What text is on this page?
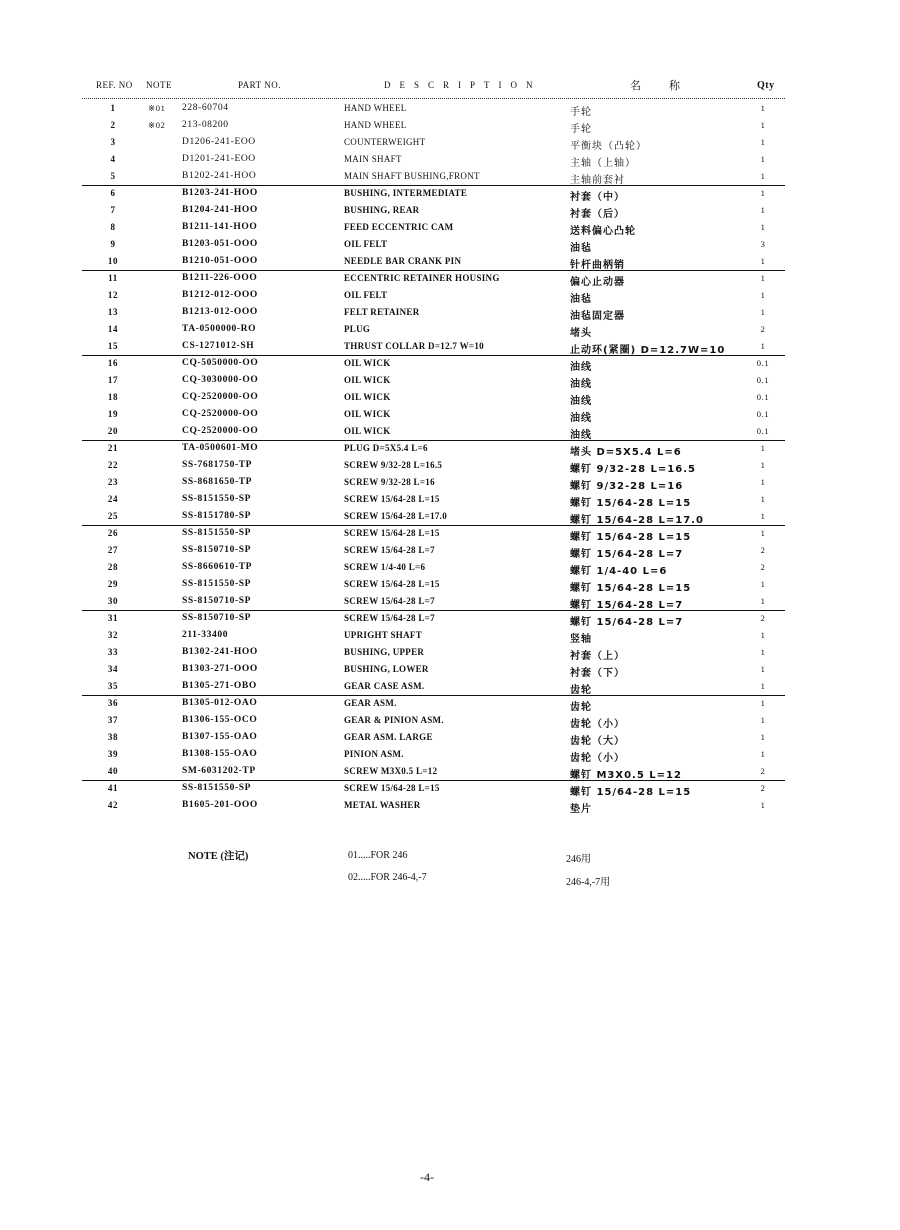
REF. NO NOTE	PART NO.	DESCRIPTION	名称	Qty
1	※01 228-60704	HAND WHEEL	手轮	1
2	※02 213-08200	HAND WHEEL	手轮	1
3	D1206-241-EOO	COUNTERWEIGHT	平衡块（凸轮）	1
4	D1201-241-EOO	MAIN SHAFT	主轴（上轴）	1
5	B1202-241-HOO	MAIN SHAFT BUSHING,FRONT	主轴前套衬	1
6	B1203-241-HOO	BUSHING, INTERMEDIATE	衬套（中）	1
7	B1204-241-HOO	BUSHING, REAR	衬套（后）	1
8	B1211-141-HOO	FEED ECCENTRIC CAM	送料偏心凸轮	1
9	B1203-051-OOO	OIL FELT	油毡	3
10	B1210-051-OOO	NEEDLE BAR CRANK PIN	针杆曲柄销	1
11	B1211-226-OOO	ECCENTRIC RETAINER HOUSING	偏心止动器	1
12	B1212-012-OOO	OIL FELT	油毡	1
13	B1213-012-OOO	FELT RETAINER	油毡固定器	1
14	TA-0500000-RO	PLUG	堵头	2
15	CS-1271012-SH	THRUST COLLAR D=12.7 W=10	止动环(紧圈) D=12.7W=10	1
16	CQ-5050000-OO	OIL WICK	油线	0.1
17	CQ-3030000-OO	OIL WICK	油线	0.1
18	CQ-2520000-OO	OIL WICK	油线	0.1
19	CQ-2520000-OO	OIL WICK	油线	0.1
20	CQ-2520000-OO	OIL WICK	油线	0.1
21	TA-0500601-MO	PLUG D=5X5.4 L=6	堵头 D=5X5.4 L=6	1
22	SS-7681750-TP	SCREW 9/32-28 L=16.5	螺钉 9/32-28 L=16.5	1
23	SS-8681650-TP	SCREW 9/32-28 L=16	螺钉 9/32-28 L=16	1
24	SS-8151550-SP	SCREW 15/64-28 L=15	螺钉 15/64-28 L=15	1
25	SS-8151780-SP	SCREW 15/64-28 L=17.0	螺钉 15/64-28 L=17.0	1
26	SS-8151550-SP	SCREW 15/64-28 L=15	螺钉 15/64-28 L=15	1
27	SS-8150710-SP	SCREW 15/64-28 L=7	螺钉 15/64-28 L=7	2
28	SS-8660610-TP	SCREW 1/4-40 L=6	螺钉 1/4-40 L=6	2
29	SS-8151550-SP	SCREW 15/64-28 L=15	螺钉 15/64-28 L=15	1
30	SS-8150710-SP	SCREW 15/64-28 L=7	螺钉 15/64-28 L=7	1
31	SS-8150710-SP	SCREW 15/64-28 L=7	螺钉 15/64-28 L=7	2
32	211-33400	UPRIGHT SHAFT	竖轴	1
33	B1302-241-HOO	BUSHING, UPPER	衬套（上）	1
34	B1303-271-OOO	BUSHING, LOWER	衬套（下）	1
35	B1305-271-OBO	GEAR CASE ASM.	齿轮	1
36	B1305-012-OAO	GEAR ASM.	齿轮	1
37	B1306-155-OCO	GEAR & PINION ASM.	齿轮（小）	1
38	B1307-155-OAO	GEAR ASM. LARGE	齿轮（大）	1
39	B1308-155-OAO	PINION ASM.	齿轮（小）	1
40	SM-6031202-TP	SCREW M3X0.5 L=12	螺钉 M3X0.5 L=12	2
41	SS-8151550-SP	SCREW 15/64-28 L=15	螺钉 15/64-28 L=15	2
42	B1605-201-OOO	METAL WASHER	垫片	1
NOTE (注记)	01.....FOR 246	246用
02.....FOR 246-4,-7	246-4,-7用
-4-
